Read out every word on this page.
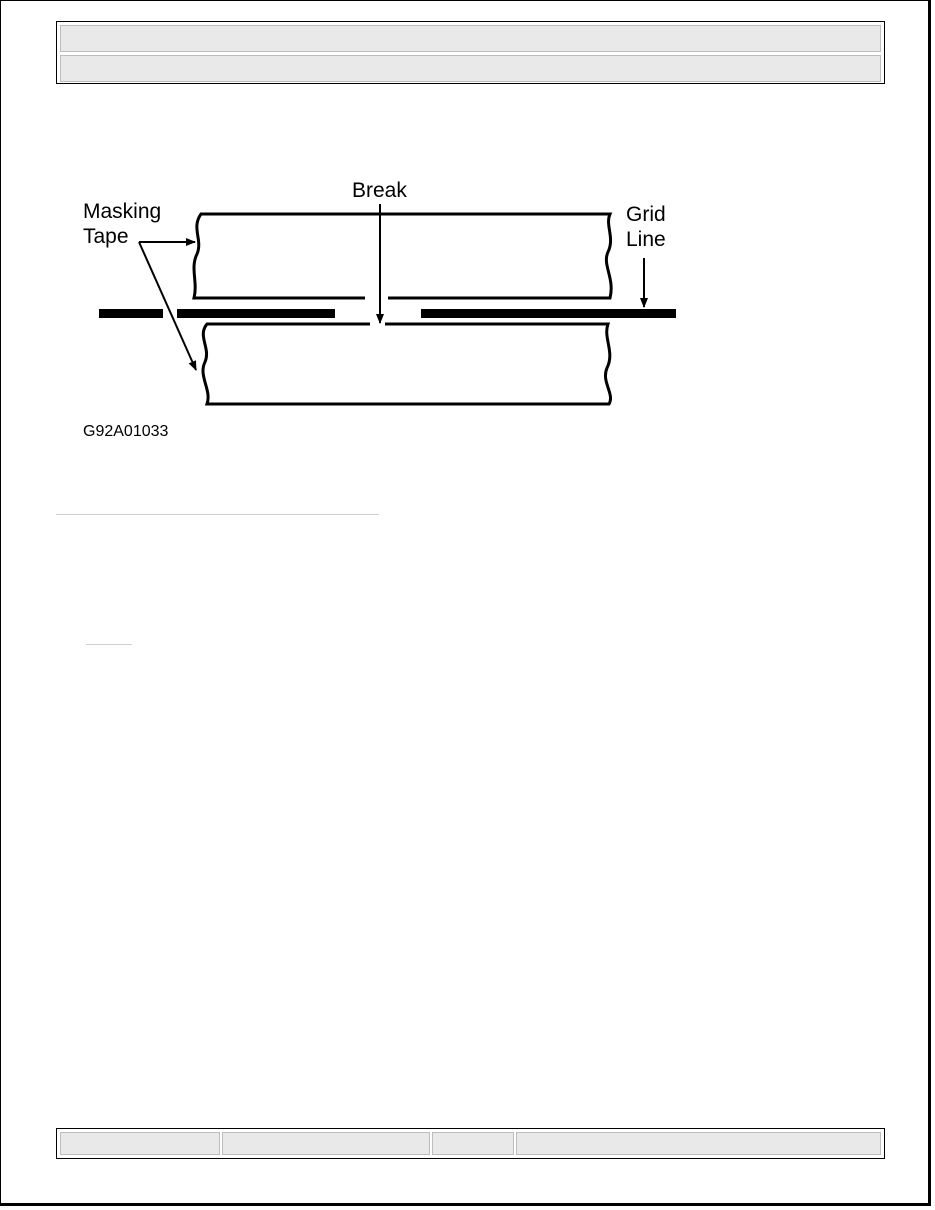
Masking
Tape
Break
Grid
Line
G92A01033
